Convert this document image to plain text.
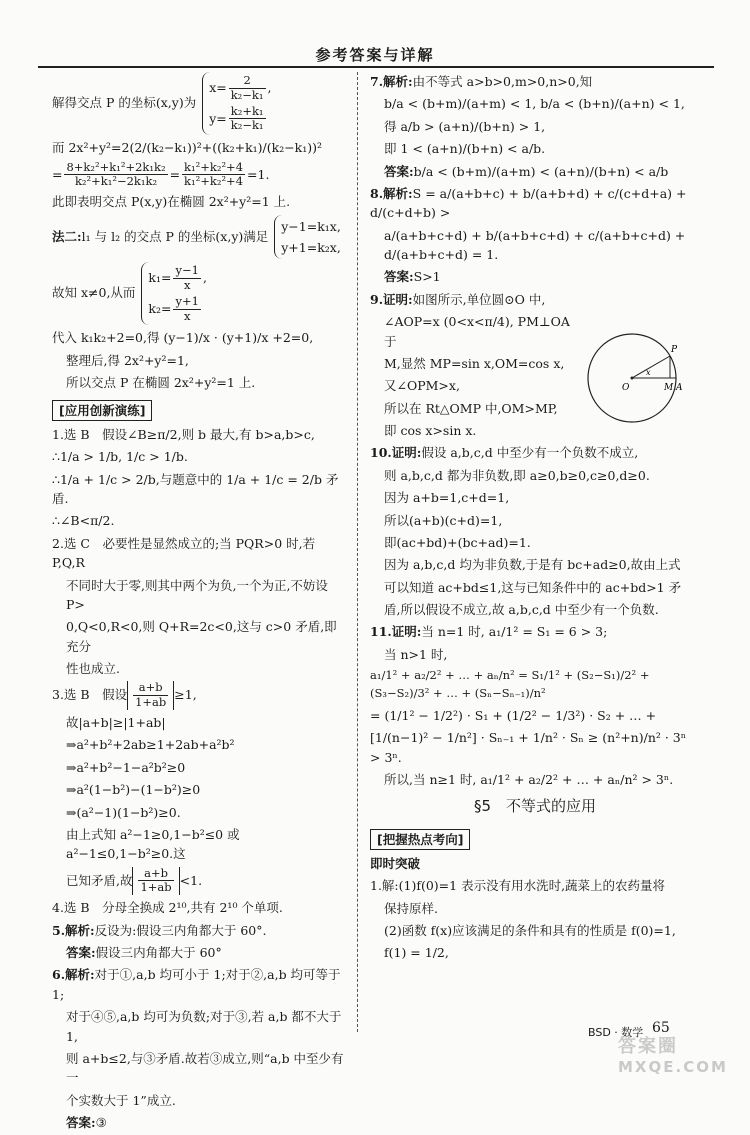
参考答案与详解
解得交点 P 的坐标(x,y)为
$x= \frac{2}{\text{k₂−k₁}}$ ,
$y= \frac{\text{k₂+k₁}}{\text{k₂−k₁}}$
而 2x²+y²=2(2/(k₂−k₁))²+((k₂+k₁)/(k₂−k₁))²
= $\frac{\text{8+k₂²+k₁²+2k₁k₂}}{\text{k₂²+k₁²−2k₁k₂}} = \frac{\text{k₁²+k₂²+4}}{\text{k₁²+k₂²+4}} =1$.
此即表明交点 P(x,y)在椭圆 2x²+y²=1 上.
法二:l₁ 与 l₂ 的交点 P 的坐标(x,y)满足
y−1=k₁x,
y+1=k₂x,
故知 x≠0,从而
$k_1= \frac{y-1}{x}$ ,
$k_2= \frac{y+1}{x}$
代入 k₁k₂+2=0,得 (y−1)/x · (y+1)/x +2=0,
整理后,得 2x²+y²=1,
所以交点 P 在椭圆 2x²+y²=1 上.
[应用创新演练]
1.选 B　假设∠B≥π/2,则 b 最大,有 b>a,b>c,
∴1/a > 1/b, 1/c > 1/b.
∴1/a + 1/c > 2/b,与题意中的 1/a + 1/c = 2/b 矛盾.
∴∠B<π/2.
2.选 C　必要性是显然成立的;当 PQR>0 时,若 P,Q,R
不同时大于零,则其中两个为负,一个为正,不妨设 P>
0,Q<0,R<0,则 Q+R=2c<0,这与 c>0 矛盾,即充分
性也成立.
3.选 B　假设 $\frac{a+b}{1+ab} \ge 1$,
故|a+b|≥|1+ab|
⇒a²+b²+2ab≥1+2ab+a²b²
⇒a²+b²−1−a²b²≥0
⇒a²(1−b²)−(1−b²)≥0
⇒(a²−1)(1−b²)≥0.
由上式知 a²−1≥0,1−b²≤0 或 a²−1≤0,1−b²≥0.这
已知矛盾,故 $\frac{a+b}{1+ab} <1$.
4.选 B　分母全换成 2¹⁰,共有 2¹⁰ 个单项.
5.解析:反设为:假设三内角都大于 60°.
答案:假设三内角都大于 60°
6.解析:对于①,a,b 均可小于 1;对于②,a,b 均可等于 1;
对于④⑤,a,b 均可为负数;对于③,若 a,b 都不大于 1,
则 a+b≤2,与③矛盾.故若③成立,则“a,b 中至少有一
个实数大于 1”成立.
答案:③
7.解析:由不等式 a>b>0,m>0,n>0,知
b/a < (b+m)/(a+m) < 1, b/a < (b+n)/(a+n) < 1,
得 a/b > (a+n)/(b+n) > 1,
即 1 < (a+n)/(b+n) < a/b.
答案:b/a < (b+m)/(a+m) < (a+n)/(b+n) < a/b
8.解析:S = a/(a+b+c) + b/(a+b+d) + c/(c+d+a) + d/(c+d+b) >
a/(a+b+c+d) + b/(a+b+c+d) + c/(a+b+c+d) + d/(a+b+c+d) = 1.
答案:S>1
9.证明:如图所示,单位圆⊙O 中,
∠AOP=x (0<x<π/4), PM⊥OA 于
M,显然 MP=sin x,OM=cos x,
又∠OPM>x,
所以在 Rt△OMP 中,OM>MP,
即 cos x>sin x.
10.证明:假设 a,b,c,d 中至少有一个负数不成立,
则 a,b,c,d 都为非负数,即 a≥0,b≥0,c≥0,d≥0.
因为 a+b=1,c+d=1,
所以(a+b)(c+d)=1,
即(ac+bd)+(bc+ad)=1.
因为 a,b,c,d 均为非负数,于是有 bc+ad≥0,故由上式
可以知道 ac+bd≤1,这与已知条件中的 ac+bd>1 矛
盾,所以假设不成立,故 a,b,c,d 中至少有一个负数.
11.证明:当 n=1 时, a₁/1² = S₁ = 6 > 3;
当 n>1 时,
a₁/1² + a₂/2² + … + aₙ/n² = S₁/1² + (S₂−S₁)/2² + (S₃−S₂)/3² + … + (Sₙ−Sₙ₋₁)/n²
= (1/1² − 1/2²) · S₁ + (1/2² − 1/3²) · S₂ + … +
[1/(n−1)² − 1/n²] · Sₙ₋₁ + 1/n² · Sₙ ≥ (n²+n)/n² · 3ⁿ > 3ⁿ.
所以,当 n≥1 时, a₁/1² + a₂/2² + … + aₙ/n² > 3ⁿ.
§5　不等式的应用
[把握热点考向]
即时突破
1.解:(1)f(0)=1 表示没有用水洗时,蔬菜上的农药量将
保持原样.
(2)函数 f(x)应该满足的条件和具有的性质是 f(0)=1,
f(1) = 1/2,
P
x
O	M A
BSD · 数学 65
答案圈
MXQE.COM
